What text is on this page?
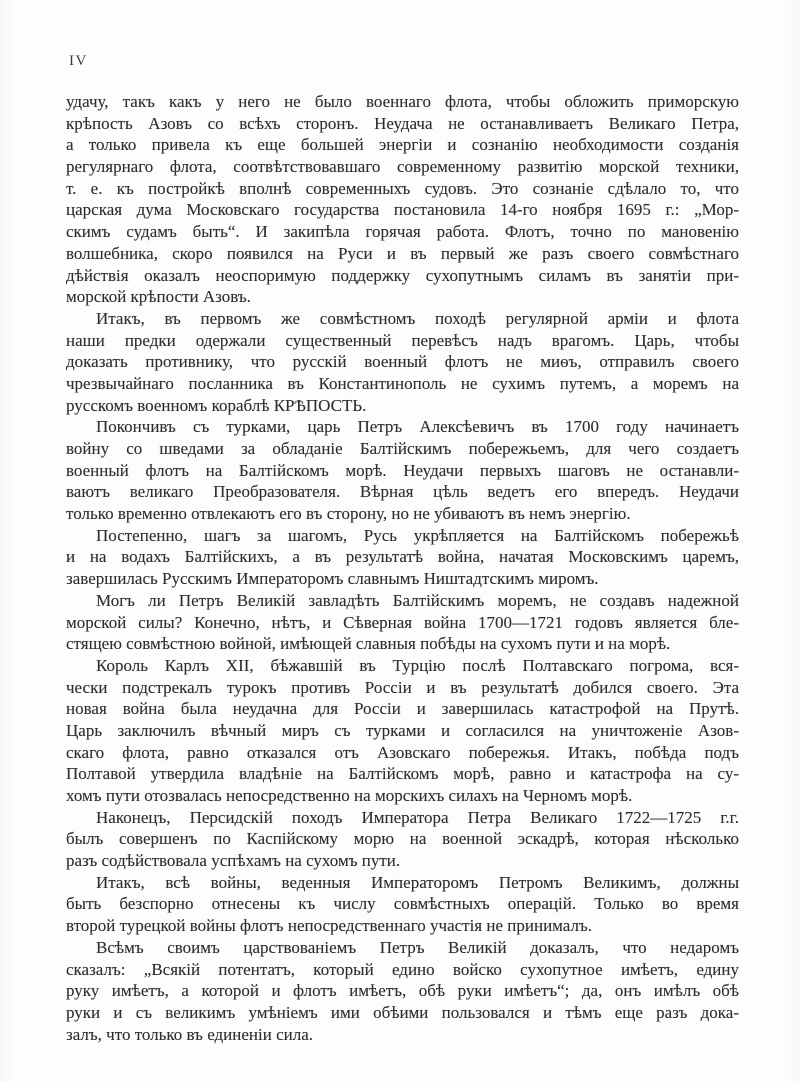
IV
удачу, такъ какъ у него не было военнаго флота, чтобы обложить приморскую
крѣпость Азовъ со всѣхъ сторонъ. Неудача не останавливаетъ Великаго Петра,
а только привела къ еще большей энергіи и сознанію необходимости созданія
регулярнаго флота, соотвѣтствовавшаго современному развитію морской техники,
т. е. къ постройкѣ вполнѣ современныхъ судовъ. Это сознаніе сдѣлало то, что
царская дума Московскаго государства постановила 14-го ноября 1695 г.: „Мор-
скимъ судамъ быть“. И закипѣла горячая работа. Флотъ, точно по мановенію
волшебника, скоро появился на Руси и въ первый же разъ своего совмѣстнаго
дѣйствія оказалъ неоспоримую поддержку сухопутнымъ силамъ въ занятіи при-
морской крѣпости Азовъ.
Итакъ, въ первомъ же совмѣстномъ походѣ регулярной арміи и флота
наши предки одержали существенный перевѣсъ надъ врагомъ. Царь, чтобы
доказать противнику, что русскій военный флотъ не миѳъ, отправилъ своего
чрезвычайнаго посланника въ Константинополь не сухимъ путемъ, а моремъ на
русскомъ военномъ кораблѣ КРѢПОСТЬ.
Покончивъ съ турками, царь Петръ Алексѣевичъ въ 1700 году начинаетъ
войну со шведами за обладаніе Балтійскимъ побережьемъ, для чего создаетъ
военный флотъ на Балтійскомъ морѣ. Неудачи первыхъ шаговъ не останавли-
ваютъ великаго Преобразователя. Вѣрная цѣль ведетъ его впередъ. Неудачи
только временно отвлекаютъ его въ сторону, но не убиваютъ въ немъ энергію.
Постепенно, шагъ за шагомъ, Русь укрѣпляется на Балтійскомъ побережьѣ
и на водахъ Балтійскихъ, а въ результатѣ война, начатая Московскимъ царемъ,
завершилась Русскимъ Императоромъ славнымъ Ништадтскимъ миромъ.
Могъ ли Петръ Великій завладѣть Балтійскимъ моремъ, не создавъ надежной
морской силы? Конечно, нѣтъ, и Сѣверная война 1700—1721 годовъ является бле-
стящею совмѣстною войной, имѣющей славныя побѣды на сухомъ пути и на морѣ.
Король Карлъ XII, бѣжавшій въ Турцію послѣ Полтавскаго погрома, вся-
чески подстрекалъ турокъ противъ Россіи и въ результатѣ добился своего. Эта
новая война была неудачна для Россіи и завершилась катастрофой на Прутѣ.
Царь заключилъ вѣчный миръ съ турками и согласился на уничтоженіе Азов-
скаго флота, равно отказался отъ Азовскаго побережья. Итакъ, побѣда подъ
Полтавой утвердила владѣніе на Балтійскомъ морѣ, равно и катастрофа на су-
хомъ пути отозвалась непосредственно на морскихъ силахъ на Черномъ морѣ.
Наконецъ, Персидскій походъ Императора Петра Великаго 1722—1725 г.г.
былъ совершенъ по Каспійскому морю на военной эскадрѣ, которая нѣсколько
разъ содѣйствовала успѣхамъ на сухомъ пути.
Итакъ, всѣ войны, веденныя Императоромъ Петромъ Великимъ, должны
быть безспорно отнесены къ числу совмѣстныхъ операцій. Только во время
второй турецкой войны флотъ непосредственнаго участія не принималъ.
Всѣмъ своимъ царствованіемъ Петръ Великій доказалъ, что недаромъ
сказалъ: „Всякій потентатъ, который едино войско сухопутное имѣетъ, едину
руку имѣетъ, а которой и флотъ имѣетъ, обѣ руки имѣетъ“; да, онъ имѣлъ обѣ
руки и съ великимъ умѣніемъ ими обѣими пользовался и тѣмъ еще разъ дока-
залъ, что только въ единеніи сила.
